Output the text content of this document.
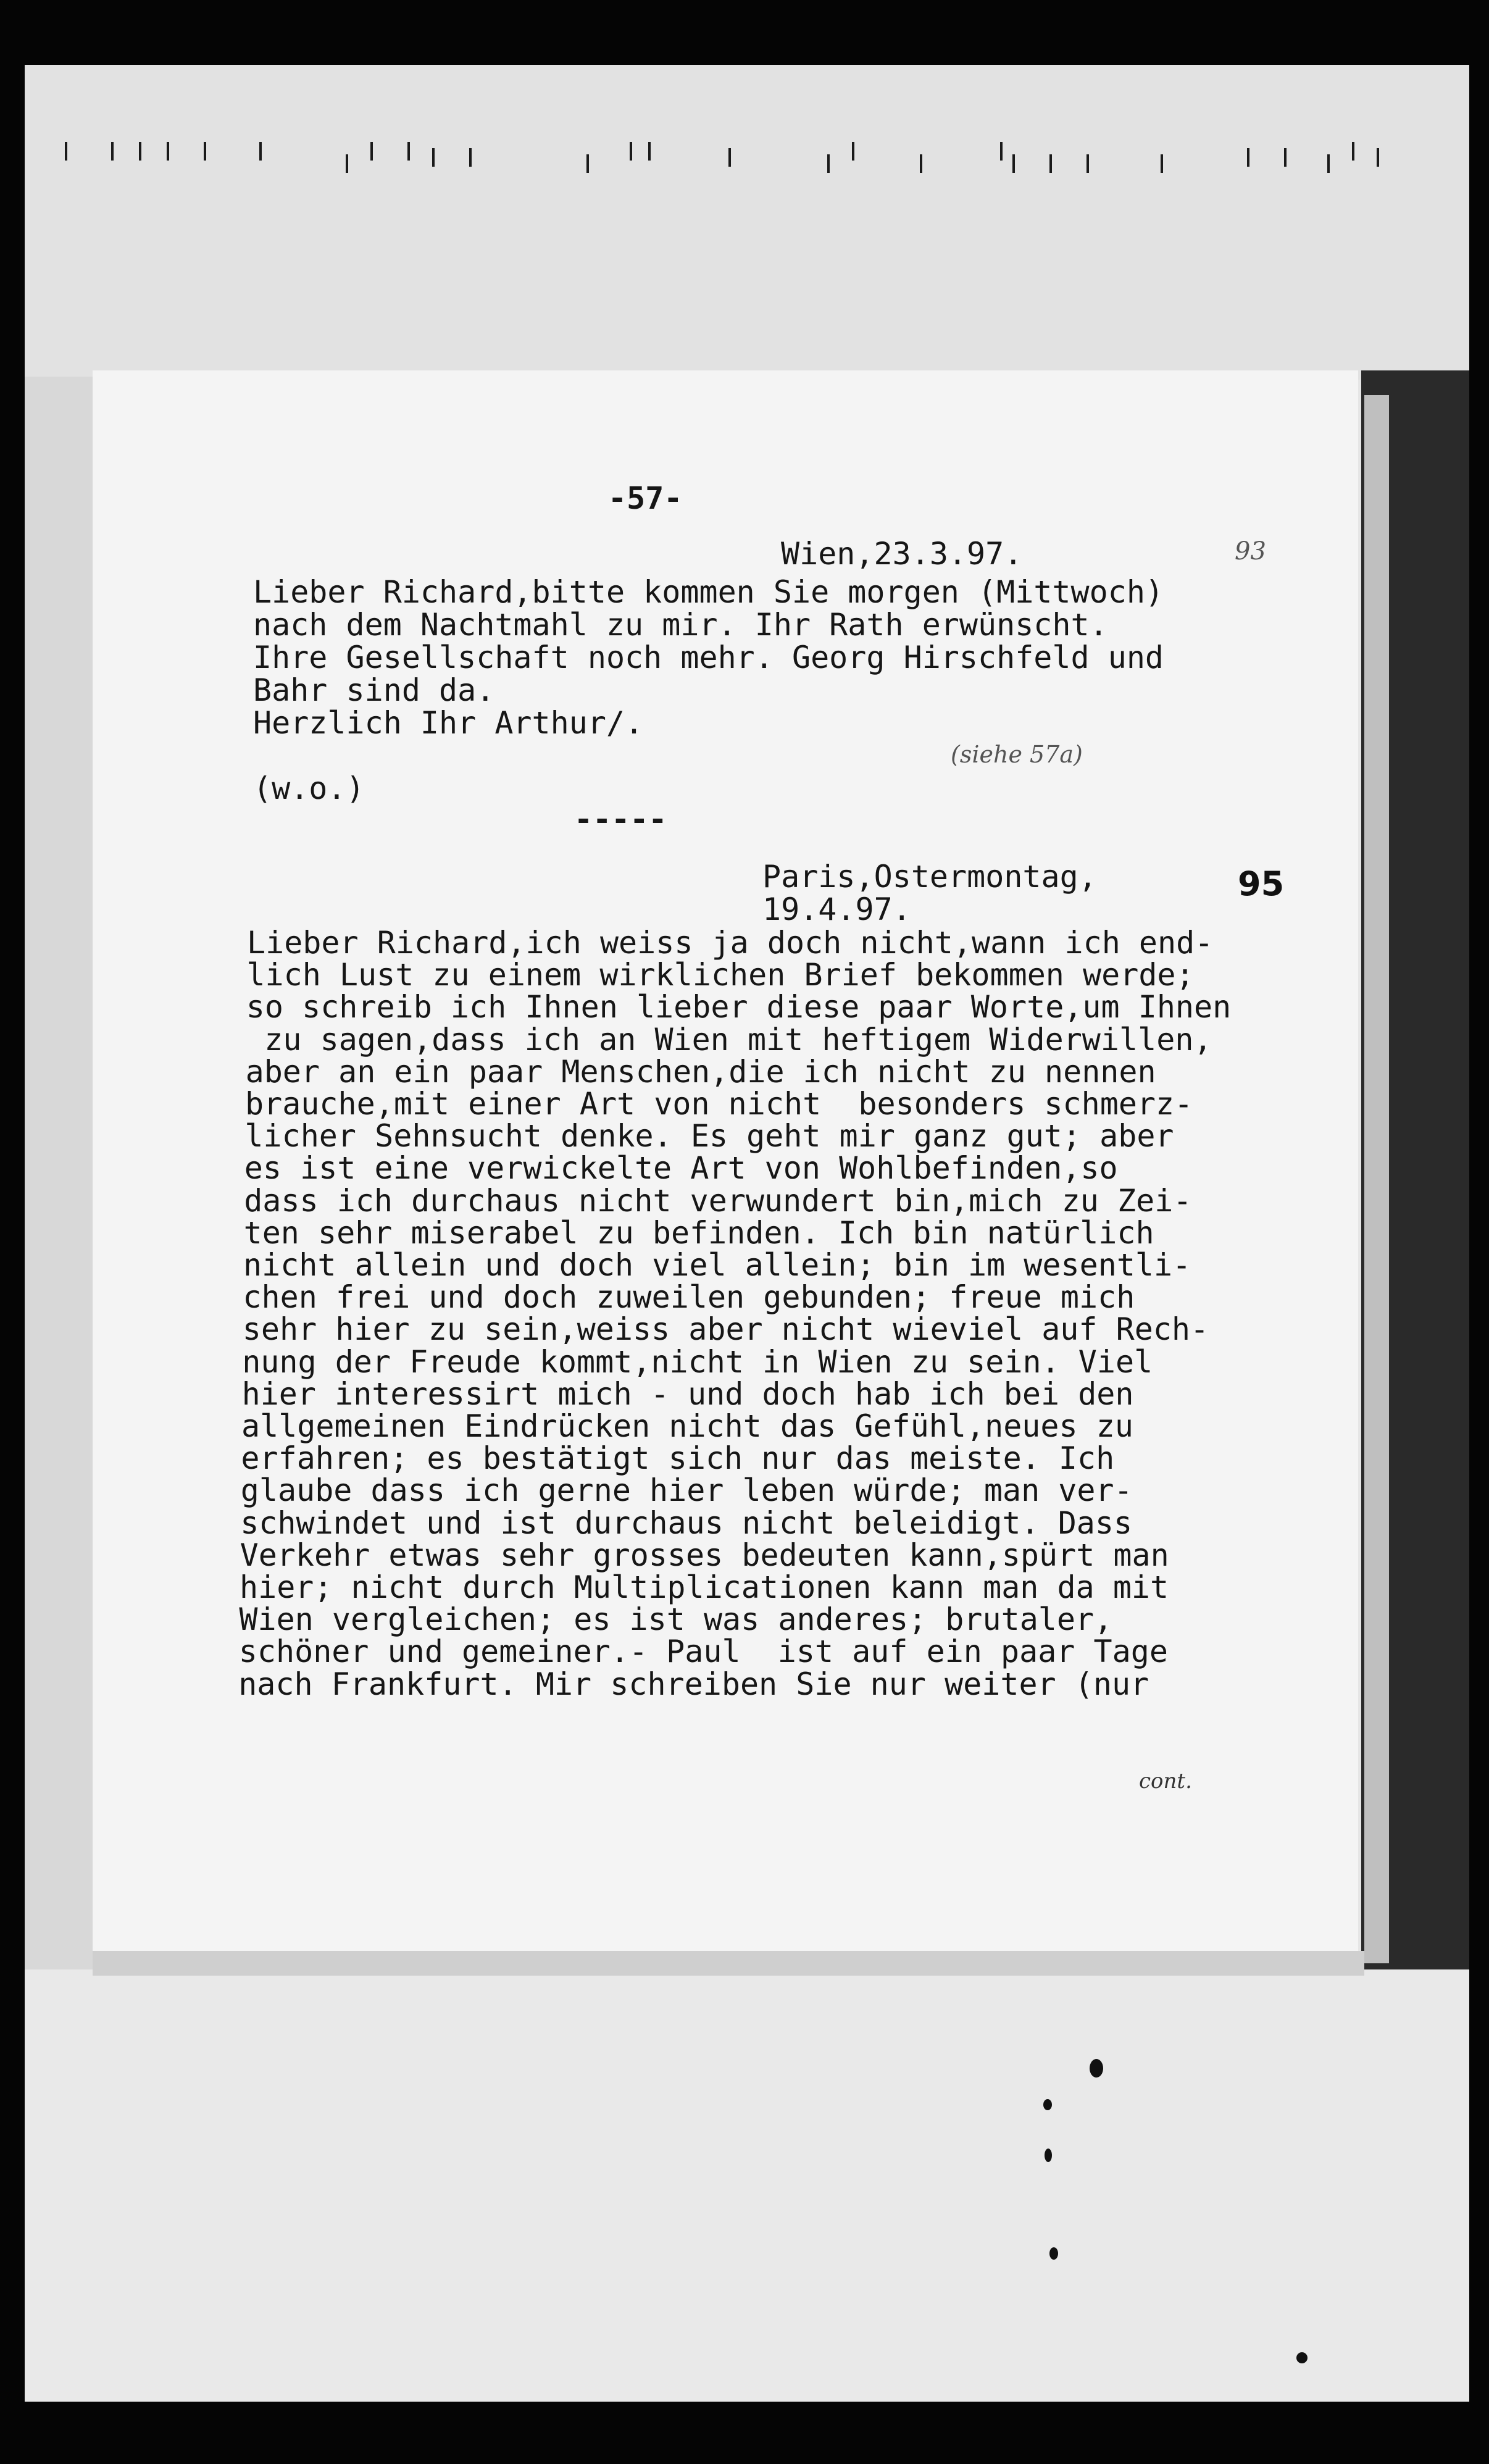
-57-
Wien,23.3.97.	93
Lieber Richard,bitte kommen Sie morgen (Mittwoch)
nach dem Nachtmahl zu mir. Ihr Rath erwünscht.
Ihre Gesellschaft noch mehr. Georg Hirschfeld und
Bahr sind da.
Herzlich Ihr Arthur/.
(siehe 57a)
(w.o.)
-----
Paris,Ostermontag,
19.4.97.
95
Lieber Richard,ich weiss ja doch nicht,wann ich end-
lich Lust zu einem wirklichen Brief bekommen werde;
so schreib ich Ihnen lieber diese paar Worte,um Ihnen
zu sagen,dass ich an Wien mit heftigem Widerwillen,
aber an ein paar Menschen,die ich nicht zu nennen
brauche,mit einer Art von nicht  besonders schmerz-
licher Sehnsucht denke. Es geht mir ganz gut; aber
es ist eine verwickelte Art von Wohlbefinden,so
dass ich durchaus nicht verwundert bin,mich zu Zei-
ten sehr miserabel zu befinden. Ich bin natürlich
nicht allein und doch viel allein; bin im wesentli-
chen frei und doch zuweilen gebunden; freue mich
sehr hier zu sein,weiss aber nicht wieviel auf Rech-
nung der Freude kommt,nicht in Wien zu sein. Viel
hier interessirt mich - und doch hab ich bei den
allgemeinen Eindrücken nicht das Gefühl,neues zu
erfahren; es bestätigt sich nur das meiste. Ich
glaube dass ich gerne hier leben würde; man ver-
schwindet und ist durchaus nicht beleidigt. Dass
Verkehr etwas sehr grosses bedeuten kann,spürt man
hier; nicht durch Multiplicationen kann man da mit
Wien vergleichen; es ist was anderes; brutaler,
schöner und gemeiner.- Paul  ist auf ein paar Tage
nach Frankfurt. Mir schreiben Sie nur weiter (nur
cont.
